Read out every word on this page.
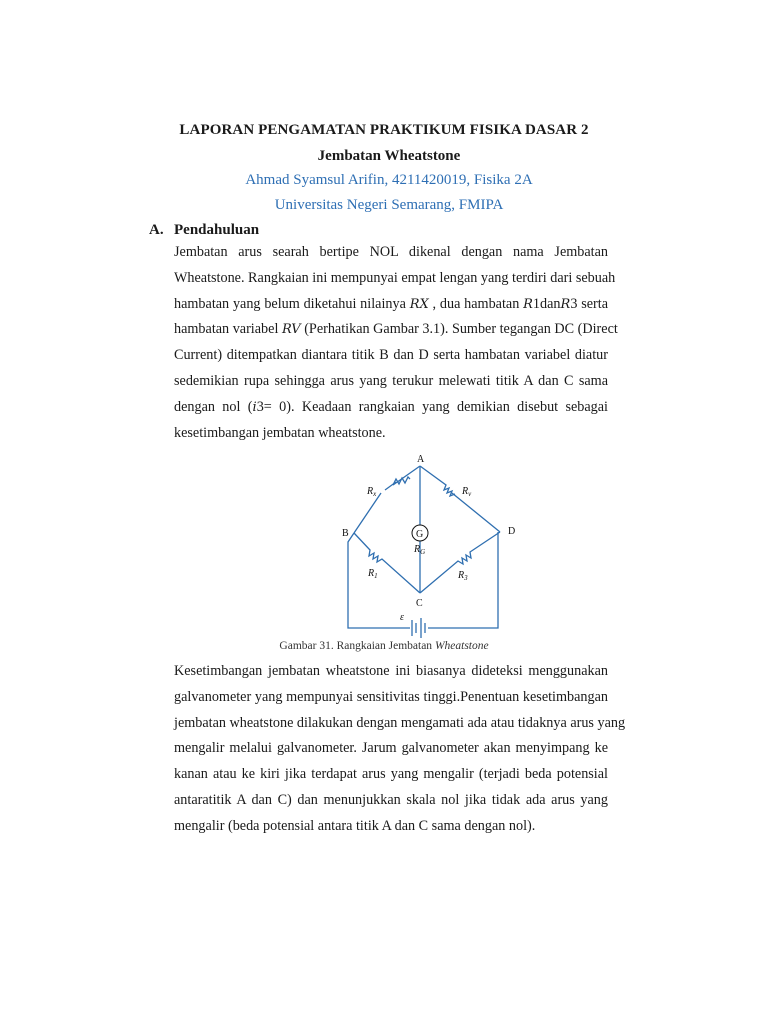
LAPORAN PENGAMATAN PRAKTIKUM FISIKA DASAR 2
Jembatan Wheatstone
Ahmad Syamsul Arifin, 4211420019, Fisika 2A
Universitas Negeri Semarang, FMIPA
A. Pendahuluan
Jembatan arus searah bertipe NOL dikenal dengan nama Jembatan
Wheatstone. Rangkaian ini mempunyai empat lengan yang terdiri dari sebuah
hambatan yang belum diketahui nilainya RX , dua hambatan R1danR3 serta
hambatan variabel RV (Perhatikan Gambar 3.1). Sumber tegangan DC (Direct
Current) ditempatkan diantara titik B dan D serta hambatan variabel diatur
sedemikian rupa sehingga arus yang terukur melewati titik A dan C sama
dengan nol (i3= 0). Keadaan rangkaian yang demikian disebut sebagai
kesetimbangan jembatan wheatstone.
G
A
B
C
D
$R_x$	$R_v$
$R_G$
$R_1$	$R_3$
ε
Gambar 31. Rangkaian Jembatan Wheatstone
Kesetimbangan jembatan wheatstone ini biasanya dideteksi menggunakan
galvanometer yang mempunyai sensitivitas tinggi.Penentuan kesetimbangan
jembatan wheatstone dilakukan dengan mengamati ada atau tidaknya arus yang
mengalir melalui galvanometer. Jarum galvanometer akan menyimpang ke
kanan atau ke kiri jika terdapat arus yang mengalir (terjadi beda potensial
antaratitik A dan C) dan menunjukkan skala nol jika tidak ada arus yang
mengalir (beda potensial antara titik A dan C sama dengan nol).
